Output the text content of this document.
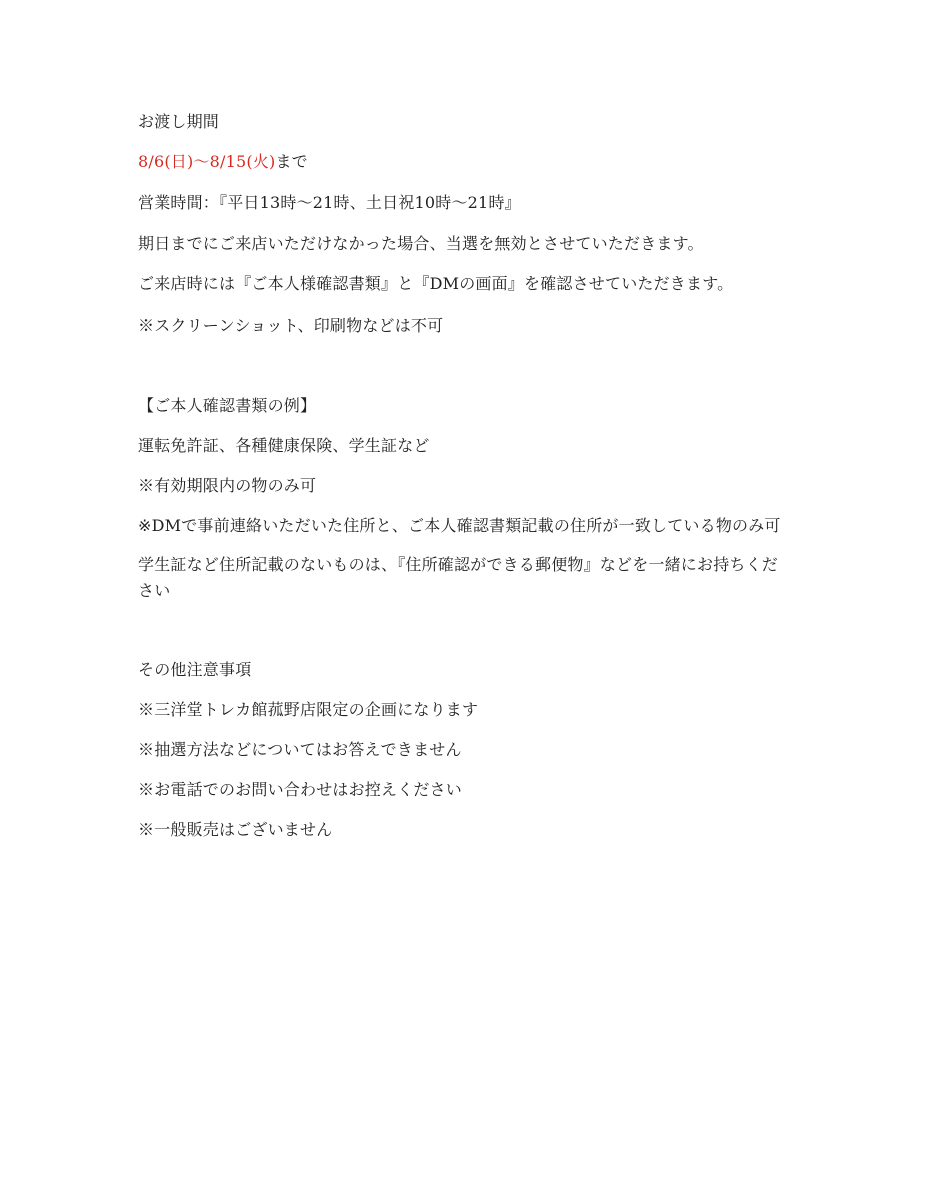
お渡し期間
8/6(日)～8/15(火)まで
営業時間：『平日13時～21時、土日祝10時～21時』
期日までにご来店いただけなかった場合、当選を無効とさせていただきます。
ご来店時には『ご本人様確認書類』と『DMの画面』を確認させていただきます。
※スクリーンショット、印刷物などは不可
【ご本人確認書類の例】
運転免許証、各種健康保険、学生証など
※有効期限内の物のみ可
※DMで事前連絡いただいた住所と、ご本人確認書類記載の住所が一致している物のみ可
学生証など住所記載のないものは、『住所確認ができる郵便物』などを一緒にお持ちください
その他注意事項
※三洋堂トレカ館菰野店限定の企画になります
※抽選方法などについてはお答えできません
※お電話でのお問い合わせはお控えください
※一般販売はございません
